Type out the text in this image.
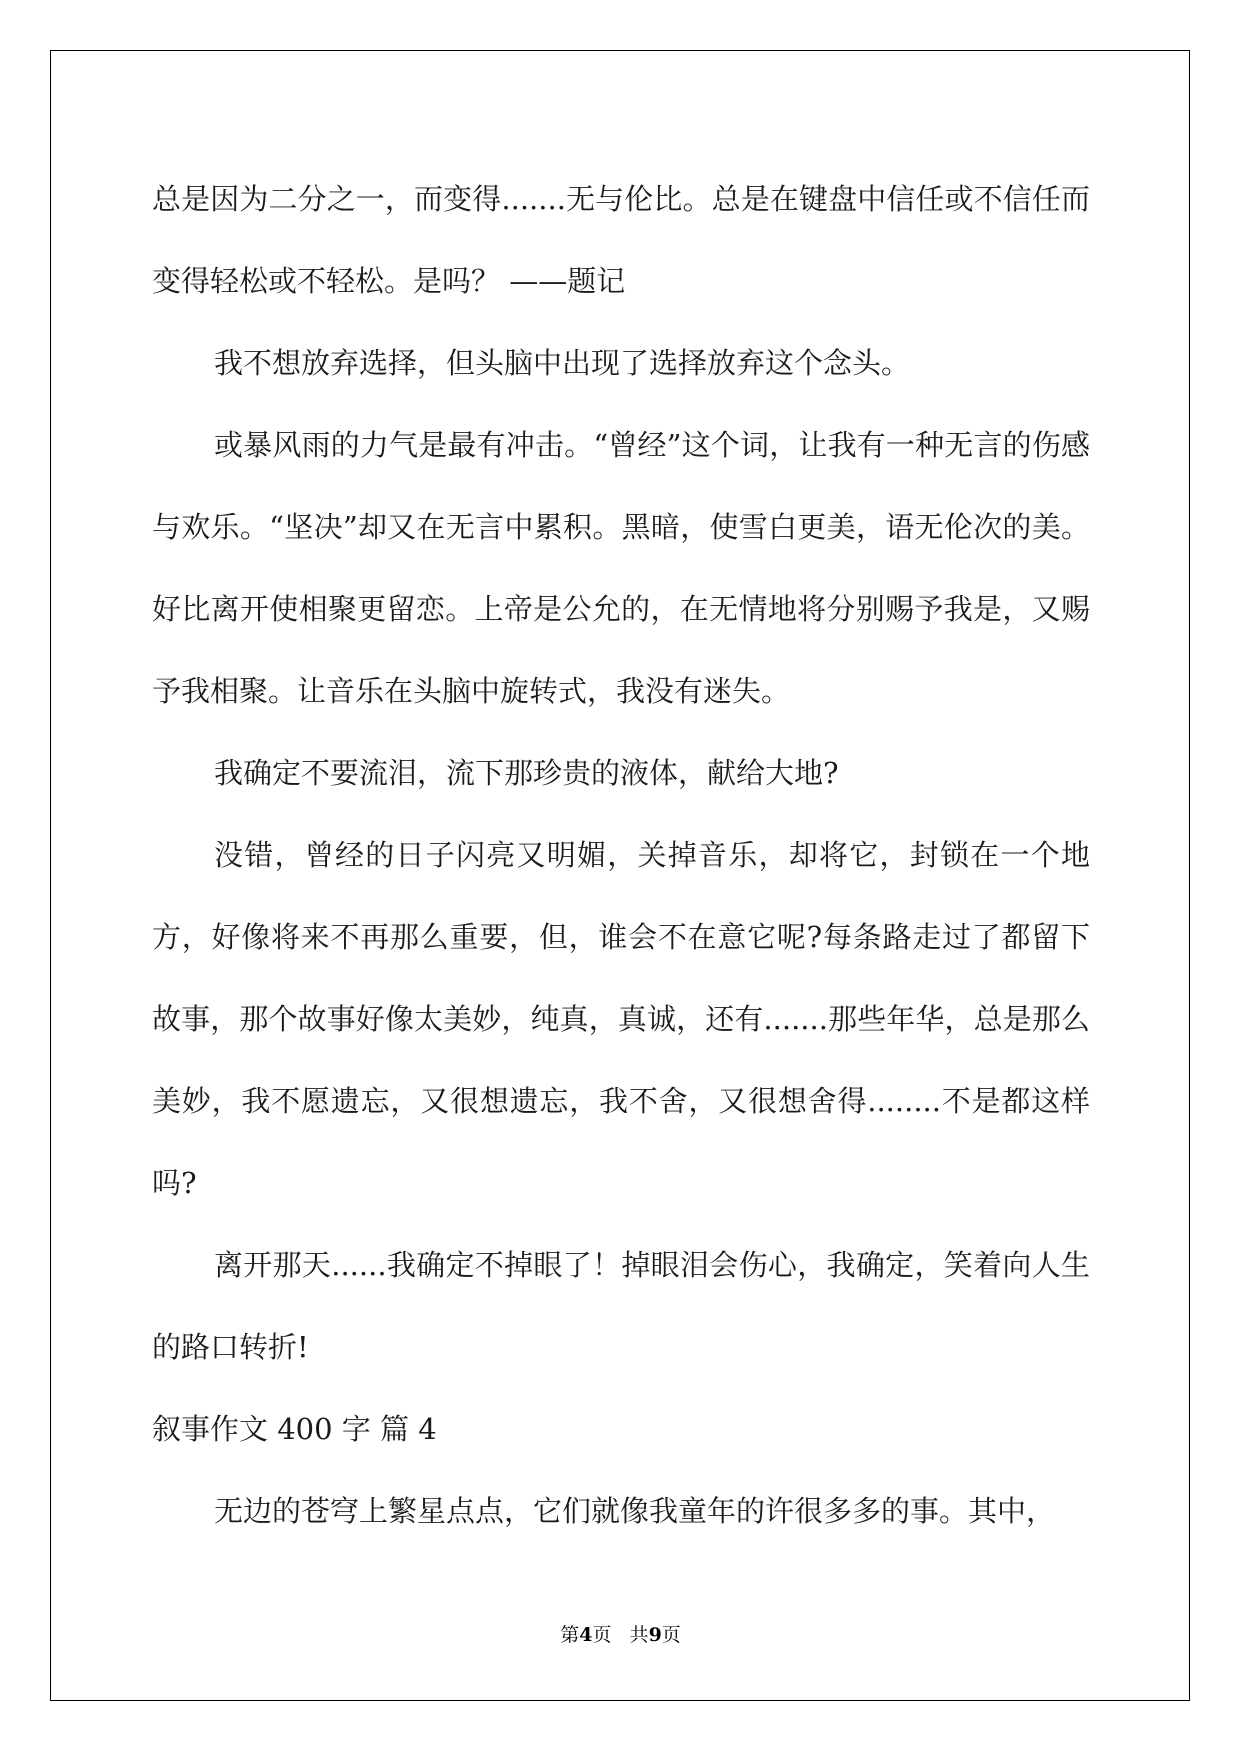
总是因为二分之一，而变得.......无与伦比。总是在键盘中信任或不信任而变得轻松或不轻松。是吗？ ——题记

我不想放弃选择，但头脑中出现了选择放弃这个念头。

或暴风雨的力气是最有冲击。“曾经”这个词，让我有一种无言的伤感与欢乐。“坚决”却又在无言中累积。黑暗，使雪白更美，语无伦次的美。好比离开使相聚更留恋。上帝是公允的，在无情地将分别赐予我是，又赐予我相聚。让音乐在头脑中旋转式，我没有迷失。

我确定不要流泪，流下那珍贵的液体，献给大地?

没错，曾经的日子闪亮又明媚，关掉音乐，却将它，封锁在一个地方，好像将来不再那么重要，但，谁会不在意它呢?每条路走过了都留下故事，那个故事好像太美妙，纯真，真诚，还有.......那些年华，总是那么美妙，我不愿遗忘，又很想遗忘，我不舍，又很想舍得........不是都这样吗?

离开那天......我确定不掉眼了！掉眼泪会伤心，我确定，笑着向人生的路口转折!

叙事作文 400 字 篇 4

无边的苍穹上繁星点点，它们就像我童年的许很多多的事。其中，

第4页   共9页
